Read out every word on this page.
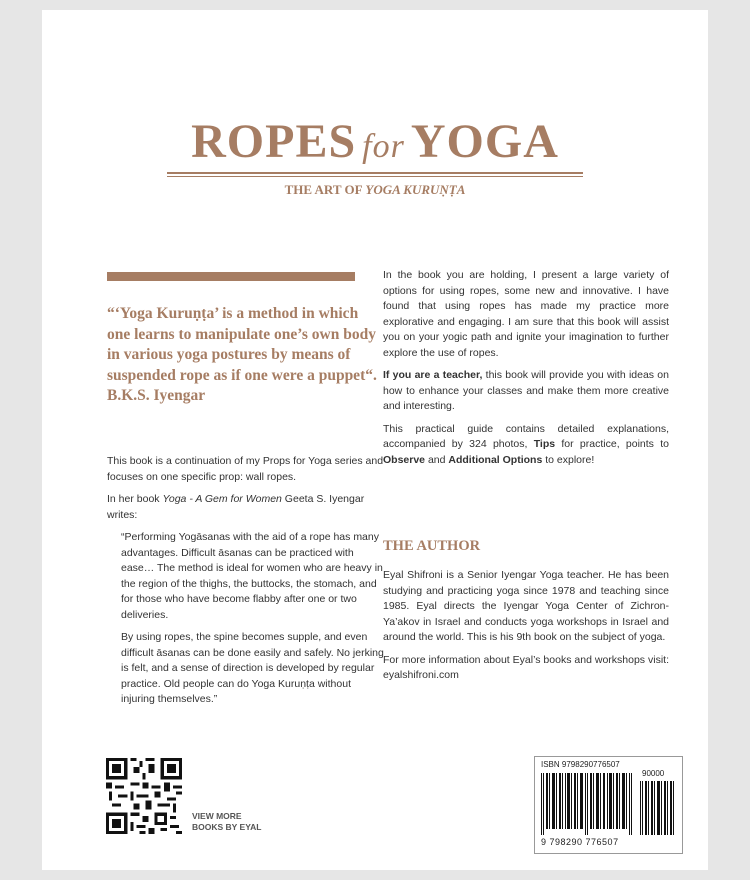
ROPES for YOGA
THE ART OF YOGA KURUṆṬA
“‘Yoga Kuruṇṭa’ is a method in which one learns to manipulate one’s own body in various yoga postures by means of suspended rope as if one were a puppet“. B.K.S. Iyengar

This book is a continuation of my Props for Yoga series and focuses on one specific prop: wall ropes.

In her book Yoga - A Gem for Women Geeta S. Iyengar writes:

“Performing Yogāsanas with the aid of a rope has many advantages. Difficult āsanas can be practiced with ease… The method is ideal for women who are heavy in the region of the thighs, the buttocks, the stomach, and for those who have become flabby after one or two deliveries.

By using ropes, the spine becomes supple, and even difficult āsanas can be done easily and safely. No jerking is felt, and a sense of direction is developed by regular practice. Old people can do Yoga Kuruṇṭa without injuring themselves.”

In the book you are holding, I present a large variety of options for using ropes, some new and innovative. I have found that using ropes has made my practice more explorative and engaging. I am sure that this book will assist you on your yogic path and ignite your imagination to further explore the use of ropes.

If you are a teacher, this book will provide you with ideas on how to enhance your classes and make them more creative and interesting.

This practical guide contains detailed explanations, accompanied by 324 photos, Tips for practice, points to Observe and Additional Options to explore!

THE AUTHOR

Eyal Shifroni is a Senior Iyengar Yoga teacher. He has been studying and practicing yoga since 1978 and teaching since 1985. Eyal directs the Iyengar Yoga Center of Zichron-Ya’akov in Israel and conducts yoga workshops in Israel and around the world. This is his 9th book on the subject of yoga.

For more information about Eyal’s books and workshops visit: eyalshifroni.com

VIEW MORE
BOOKS BY EYAL
ISBN 9798290776507
90000
9 798290 776507
